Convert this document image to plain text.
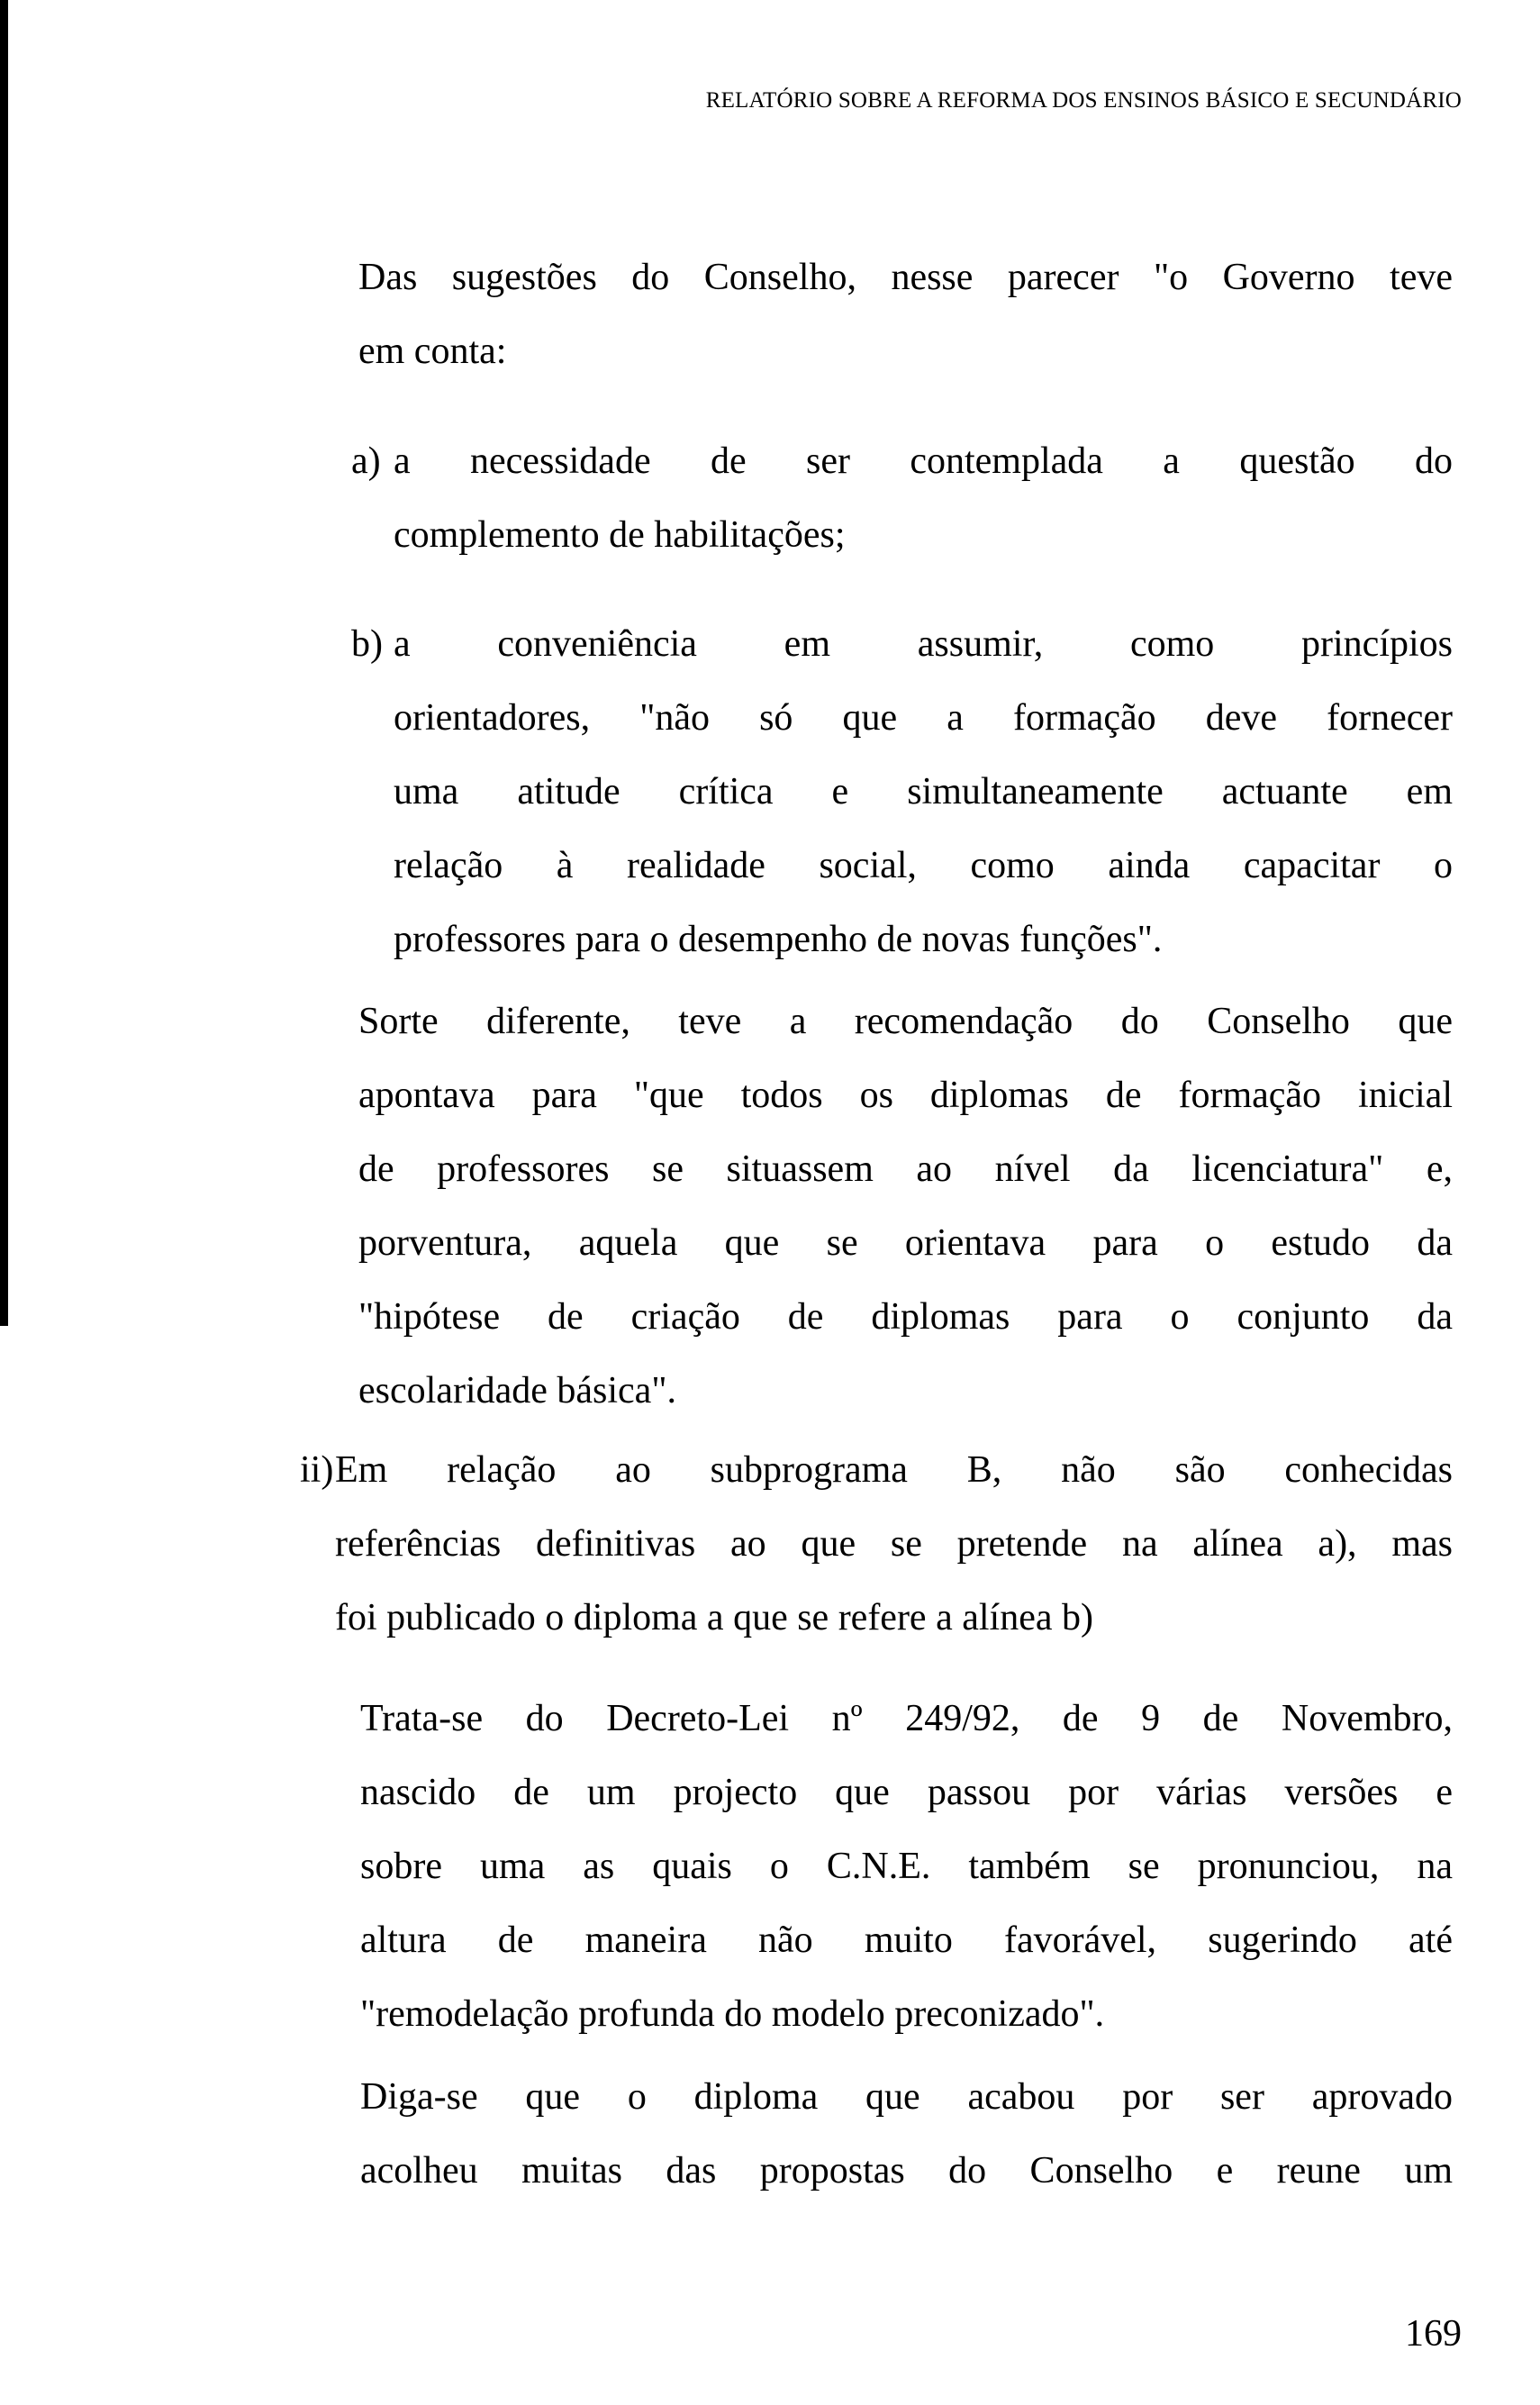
RELATÓRIO SOBRE A REFORMA DOS ENSINOS BÁSICO E SECUNDÁRIO
Das sugestões do Conselho, nesse parecer "o Governo teve
em conta:
a) a necessidade de ser contemplada a questão do
complemento de habilitações;
b) a conveniência em assumir, como princípios
orientadores, "não só que a formação deve fornecer
uma atitude crítica e simultaneamente actuante em
relação à realidade social, como ainda capacitar o
professores para o desempenho de novas funções".
Sorte diferente, teve a recomendação do Conselho que
apontava para "que todos os diplomas de formação inicial
de professores se situassem ao nível da licenciatura" e,
porventura, aquela que se orientava para o estudo da
"hipótese de criação de diplomas para o conjunto da
escolaridade básica".
ii) Em relação ao subprograma B, não são conhecidas
referências definitivas ao que se pretende na alínea a), mas
foi publicado o diploma a que se refere a alínea b)
Trata-se do Decreto-Lei nº 249/92, de 9 de Novembro,
nascido de um projecto que passou por várias versões e
sobre uma as quais o C.N.E. também se pronunciou, na
altura de maneira não muito favorável, sugerindo até
"remodelação profunda do modelo preconizado".
Diga-se que o diploma que acabou por ser aprovado
acolheu muitas das propostas do Conselho e reune um
169
